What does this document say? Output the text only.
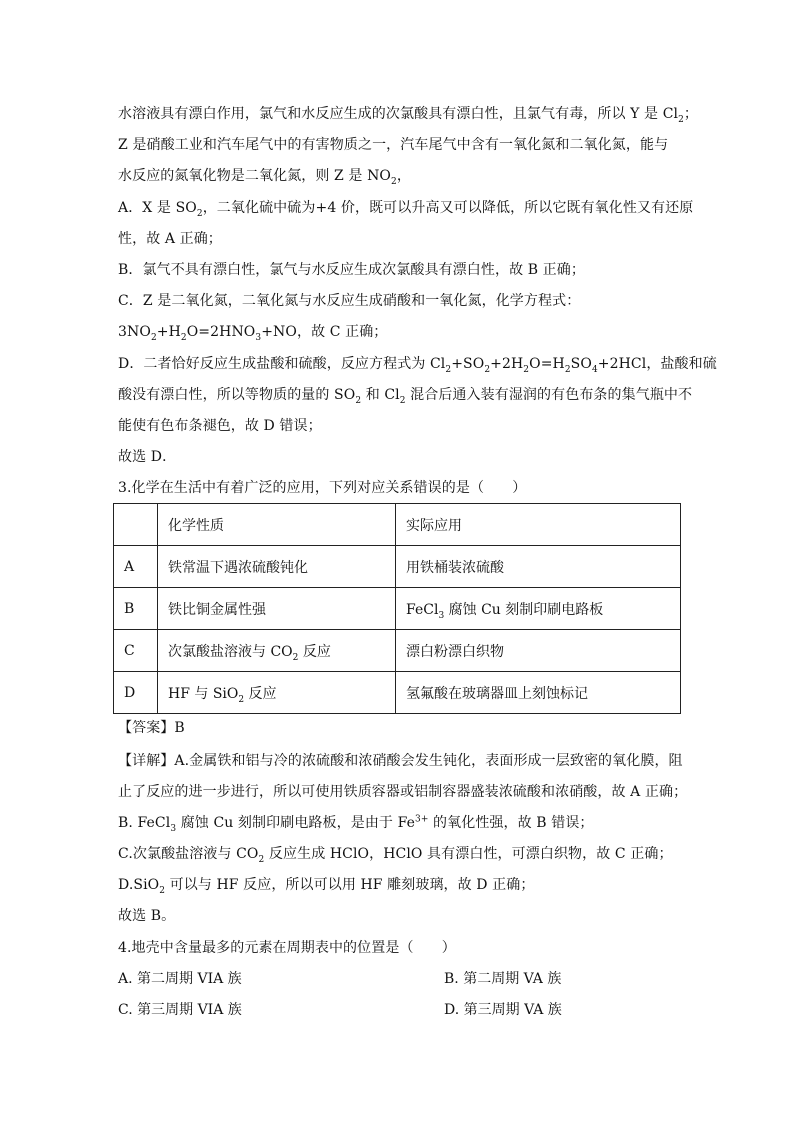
水溶液具有漂白作用，氯气和水反应生成的次氯酸具有漂白性，且氯气有毒，所以 Y 是 $Cl_2$；
Z 是硝酸工业和汽车尾气中的有害物质之一，汽车尾气中含有一氧化氮和二氧化氮，能与
水反应的氮氧化物是二氧化氮，则 Z 是 $NO_2$，
A．X 是 $SO_2$，二氧化硫中硫为+4 价，既可以升高又可以降低，所以它既有氧化性又有还原
性，故 A 正确；
B．氯气不具有漂白性，氯气与水反应生成次氯酸具有漂白性，故 B 正确；
C．Z 是二氧化氮，二氧化氮与水反应生成硝酸和一氧化氮，化学方程式：
$3NO_2+H_2O=2HNO_3+NO$，故 C 正确；
D．二者恰好反应生成盐酸和硫酸，反应方程式为 $Cl_2+SO_2+2H_2O=H_2SO_4+2HCl$，盐酸和硫
酸没有漂白性，所以等物质的量的 $SO_2$ 和 $Cl_2$ 混合后通入装有湿润的有色布条的集气瓶中不
能使有色布条褪色，故 D 错误；
故选 D．
3.化学在生活中有着广泛的应用，下列对应关系错误的是（　　）
	化学性质	实际应用
A	铁常温下遇浓硫酸钝化	用铁桶装浓硫酸
B	铁比铜金属性强	FeCl$_3$ 腐蚀 Cu 刻制印刷电路板
C	次氯酸盐溶液与 $CO_2$ 反应	漂白粉漂白织物
D	HF 与 SiO$_2$ 反应	氢氟酸在玻璃器皿上刻蚀标记
【答案】B
【详解】A.金属铁和铝与冷的浓硫酸和浓硝酸会发生钝化，表面形成一层致密的氧化膜，阻
止了反应的进一步进行，所以可使用铁质容器或铝制容器盛装浓硫酸和浓硝酸，故 A 正确；
B. FeCl$_3$ 腐蚀 Cu 刻制印刷电路板，是由于 $Fe^{3+}$ 的氧化性强，故 B 错误；
C.次氯酸盐溶液与 $CO_2$ 反应生成 HClO，HClO 具有漂白性，可漂白织物，故 C 正确；
D.SiO$_2$ 可以与 HF 反应，所以可以用 HF 雕刻玻璃，故 D 正确；
故选 B。
4.地壳中含量最多的元素在周期表中的位置是（　　）
A. 第二周期 VIA 族	B. 第二周期 VA 族
C. 第三周期 VIA 族	D. 第三周期 VA 族
